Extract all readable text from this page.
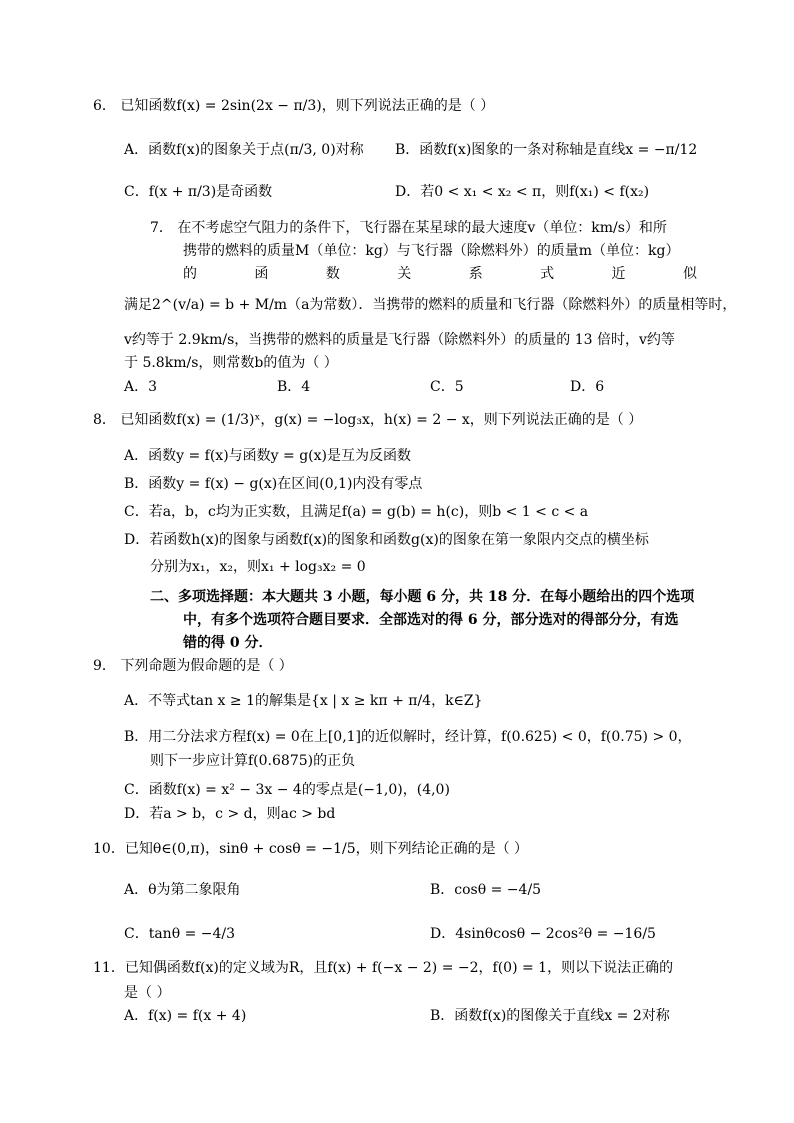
6． 已知函数f(x) = 2sin(2x − π/3)，则下列说法正确的是（ ）
A．函数f(x)的图象关于点(π/3, 0)对称 B．函数f(x)图象的一条对称轴是直线x = −π/12
C．f(x + π/3)是奇函数	D．若0 < x₁ < x₂ < π，则f(x₁) < f(x₂)
7． 在不考虑空气阻力的条件下，飞行器在某星球的最大速度v（单位：km/s）和所
携带的燃料的质量M（单位：kg）与飞行器（除燃料外）的质量m（单位：kg）
的	函	数	关	系	式	近	似
满足2^(v/a) = b + M/m（a为常数）．当携带的燃料的质量和飞行器（除燃料外）的质量相等时，
v约等于 2.9km/s，当携带的燃料的质量是飞行器（除燃料外）的质量的 13 倍时，v约等
于 5.8km/s，则常数b的值为（ ）
A．3	B．4	C．5	D．6
8． 已知函数f(x) = (1/3)ˣ，g(x) = −log₃x，h(x) = 2 − x，则下列说法正确的是（ ）
A．函数y = f(x)与函数y = g(x)是互为反函数
B．函数y = f(x) − g(x)在区间(0,1)内没有零点
C．若a，b，c均为正实数，且满足f(a) = g(b) = h(c)，则b < 1 < c < a
D．若函数h(x)的图象与函数f(x)的图象和函数g(x)的图象在第一象限内交点的横坐标
分别为x₁，x₂，则x₁ + log₃x₂ = 0
二、多项选择题：本大题共 3 小题，每小题 6 分，共 18 分．在每小题给出的四个选项
中，有多个选项符合题目要求．全部选对的得 6 分，部分选对的得部分分，有选
错的得 0 分．
9． 下列命题为假命题的是（ ）
A．不等式tan x ≥ 1的解集是{x | x ≥ kπ + π/4，k∈Z}
B．用二分法求方程f(x) = 0在上[0,1]的近似解时，经计算，f(0.625) < 0，f(0.75) > 0，
则下一步应计算f(0.6875)的正负
C．函数f(x) = x² − 3x − 4的零点是(−1,0)，(4,0)
D．若a > b，c > d，则ac > bd
10．已知θ∈(0,π)，sinθ + cosθ = −1/5，则下列结论正确的是（ ）
A．θ为第二象限角	B．cosθ = −4/5
C．tanθ = −4/3	D．4sinθcosθ − 2cos²θ = −16/5
11．已知偶函数f(x)的定义域为R，且f(x) + f(−x − 2) = −2，f(0) = 1，则以下说法正确的
是（ ）
A．f(x) = f(x + 4)	B．函数f(x)的图像关于直线x = 2对称
